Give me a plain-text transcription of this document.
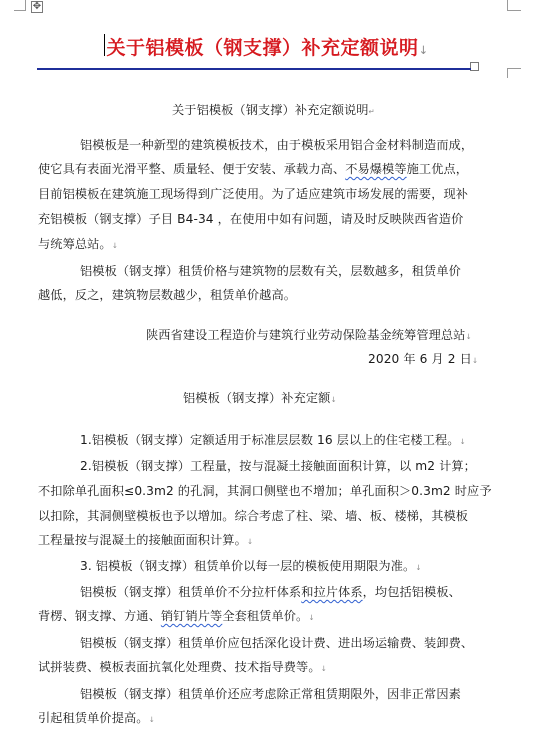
✥
关于铝模板（钢支撑）补充定额说明↓
关于铝模板（钢支撑）补充定额说明↵
铝模板是一种新型的建筑模板技术，由于模板采用铝合金材料制造而成，
使它具有表面光滑平整、质量轻、便于安装、承载力高、不易爆模等施工优点，
目前铝模板在建筑施工现场得到广泛使用。为了适应建筑市场发展的需要，现补
充铝模板（钢支撑）子目 B4-34 ，在使用中如有问题，请及时反映陕西省造价
与统筹总站。↓
铝模板（钢支撑）租赁价格与建筑物的层数有关，层数越多，租赁单价
越低，反之，建筑物层数越少，租赁单价越高。
陕西省建设工程造价与建筑行业劳动保险基金统筹管理总站↓
2020 年 6 月 2 日↓
铝模板（钢支撑）补充定额↓
1.铝模板（钢支撑）定额适用于标准层层数 16 层以上的住宅楼工程。↓
2.铝模板（钢支撑）工程量，按与混凝土接触面面积计算，以 m2 计算；
不扣除单孔面积≤0.3m2 的孔洞，其洞口侧壁也不增加；单孔面积＞0.3m2 时应予
以扣除，其洞侧壁模板也予以增加。综合考虑了柱、梁、墙、板、楼梯，其模板
工程量按与混凝土的接触面面积计算。↓
3. 铝模板（钢支撑）租赁单价以每一层的模板使用期限为准。↓
铝模板（钢支撑）租赁单价不分拉杆体系和拉片体系，均包括铝模板、
背楞、钢支撑、方通、销钉销片等全套租赁单价。↓
铝模板（钢支撑）租赁单价应包括深化设计费、进出场运输费、装卸费、
试拼装费、模板表面抗氧化处理费、技术指导费等。↓
铝模板（钢支撑）租赁单价还应考虑除正常租赁期限外，因非正常因素
引起租赁单价提高。↓
